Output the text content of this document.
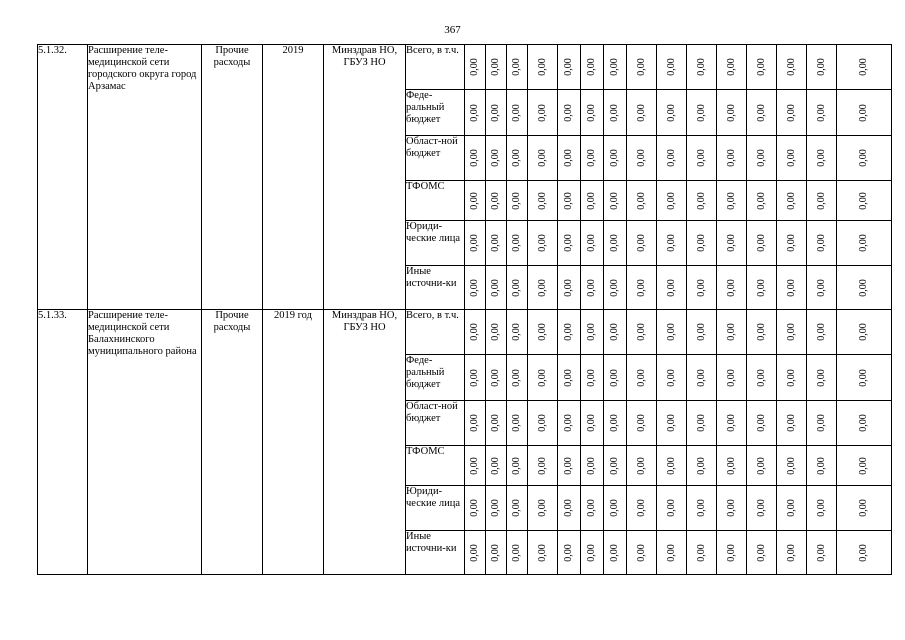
367
5.1.32.	Расширение теле-медицинской сети городского округа город Арзамас	Прочие расходы	2019	Минздрав НО, ГБУЗ НО	Всего, в т.ч.	0,00	0,00	0,00	0,00	0,00	0,00	0,00	0,00	0,00	0,00	0,00	0,00	0,00	0,00	0,00

					Феде-ральный бюджет	0,00	0,00	0,00	0,00	0,00	0,00	0,00	0,00	0,00	0,00	0,00	0,00	0,00	0,00	0,00

					Област-ной бюджет	0,00	0,00	0,00	0,00	0,00	0,00	0,00	0,00	0,00	0,00	0,00	0,00	0,00	0,00	0,00

					ТФОМС	0,00	0,00	0,00	0,00	0,00	0,00	0,00	0,00	0,00	0,00	0,00	0,00	0,00	0,00	0,00

					Юриди-ческие лица	0,00	0,00	0,00	0,00	0,00	0,00	0,00	0,00	0,00	0,00	0,00	0,00	0,00	0,00	0,00

					Иные источни-ки	0,00	0,00	0,00	0,00	0,00	0,00	0,00	0,00	0,00	0,00	0,00	0,00	0,00	0,00	0,00

5.1.33.	Расширение теле-медицинской сети Балахнинского муниципального района	Прочие расходы	2019 год	Минздрав НО, ГБУЗ НО	Всего, в т.ч.	0,00	0,00	0,00	0,00	0,00	0,00	0,00	0,00	0,00	0,00	0,00	0,00	0,00	0,00	0,00

					Феде-ральный бюджет	0,00	0,00	0,00	0,00	0,00	0,00	0,00	0,00	0,00	0,00	0,00	0,00	0,00	0,00	0,00

					Област-ной бюджет	0,00	0,00	0,00	0,00	0,00	0,00	0,00	0,00	0,00	0,00	0,00	0,00	0,00	0,00	0,00

					ТФОМС	0,00	0,00	0,00	0,00	0,00	0,00	0,00	0,00	0,00	0,00	0,00	0,00	0,00	0,00	0,00

					Юриди-ческие лица	0,00	0,00	0,00	0,00	0,00	0,00	0,00	0,00	0,00	0,00	0,00	0,00	0,00	0,00	0,00

					Иные источни-ки	0,00	0,00	0,00	0,00	0,00	0,00	0,00	0,00	0,00	0,00	0,00	0,00	0,00	0,00	0,00
